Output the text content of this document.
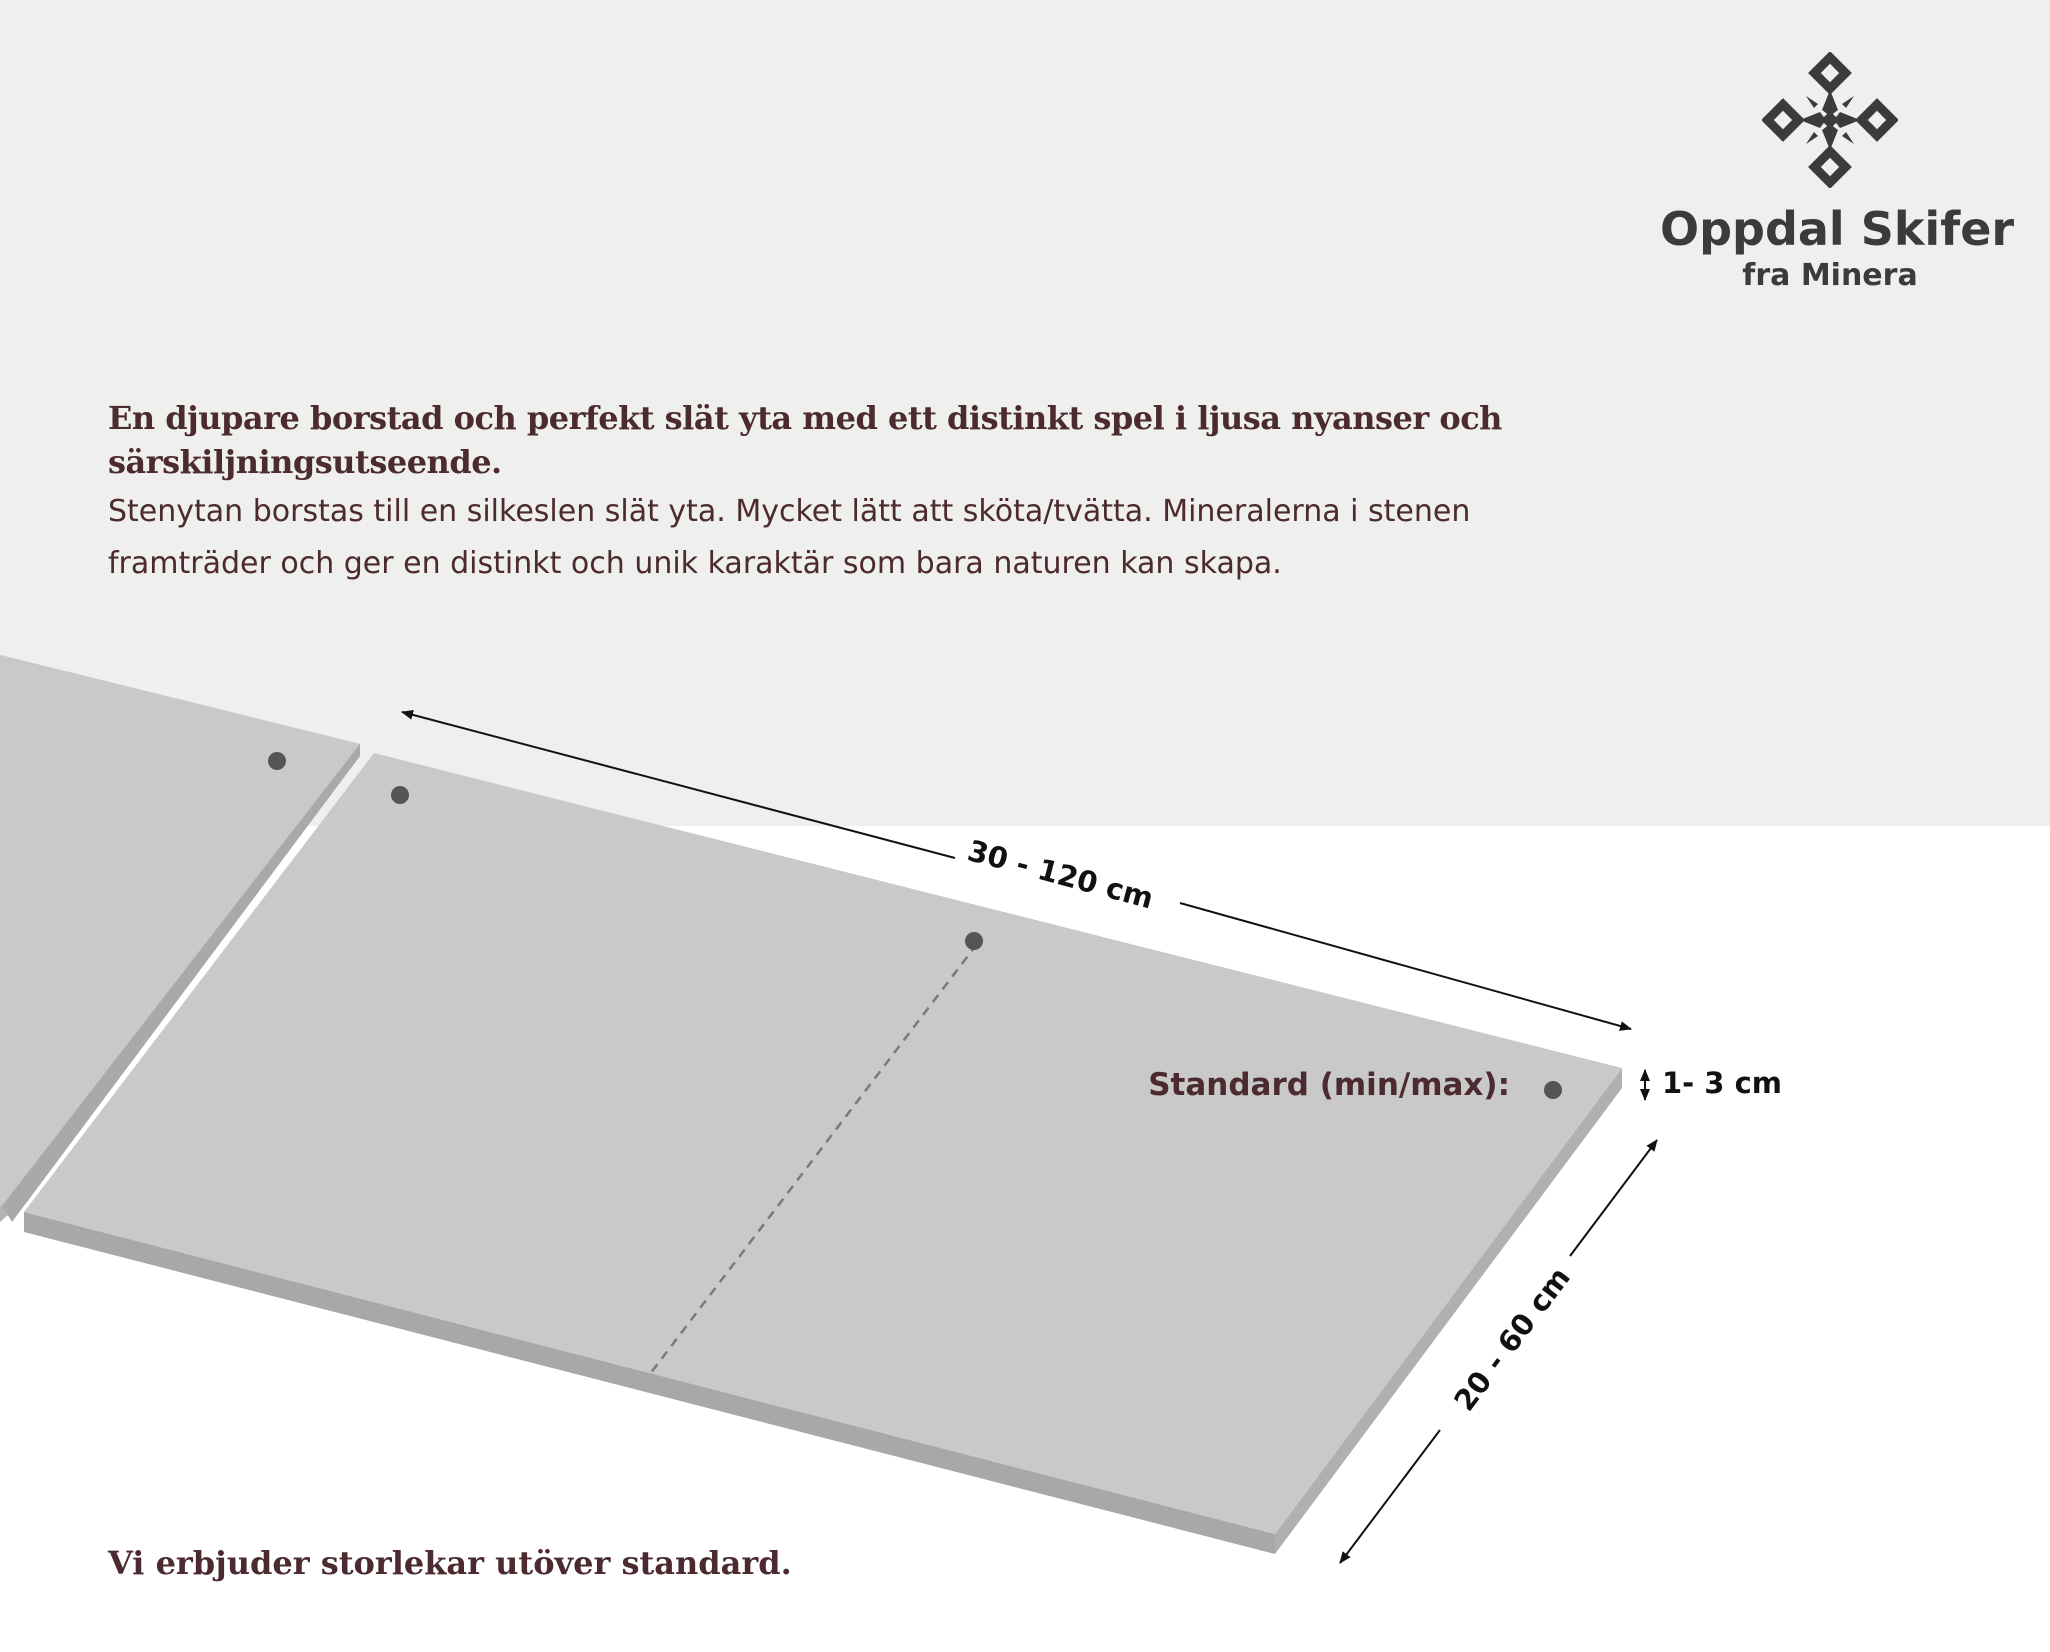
Oppdal Skifer
fra Minera
En djupare borstad och perfekt slät yta med ett distinkt spel i ljusa nyanser och särskiljningsutseende.
Stenytan borstas till en silkeslen slät yta. Mycket lätt att sköta/tvätta. Mineralerna i stenen
framträder och ger en distinkt och unik karaktär som bara naturen kan skapa.
30 - 120 cm
20 - 60 cm
1- 3 cm
Standard (min/max):
Vi erbjuder storlekar utöver standard.
